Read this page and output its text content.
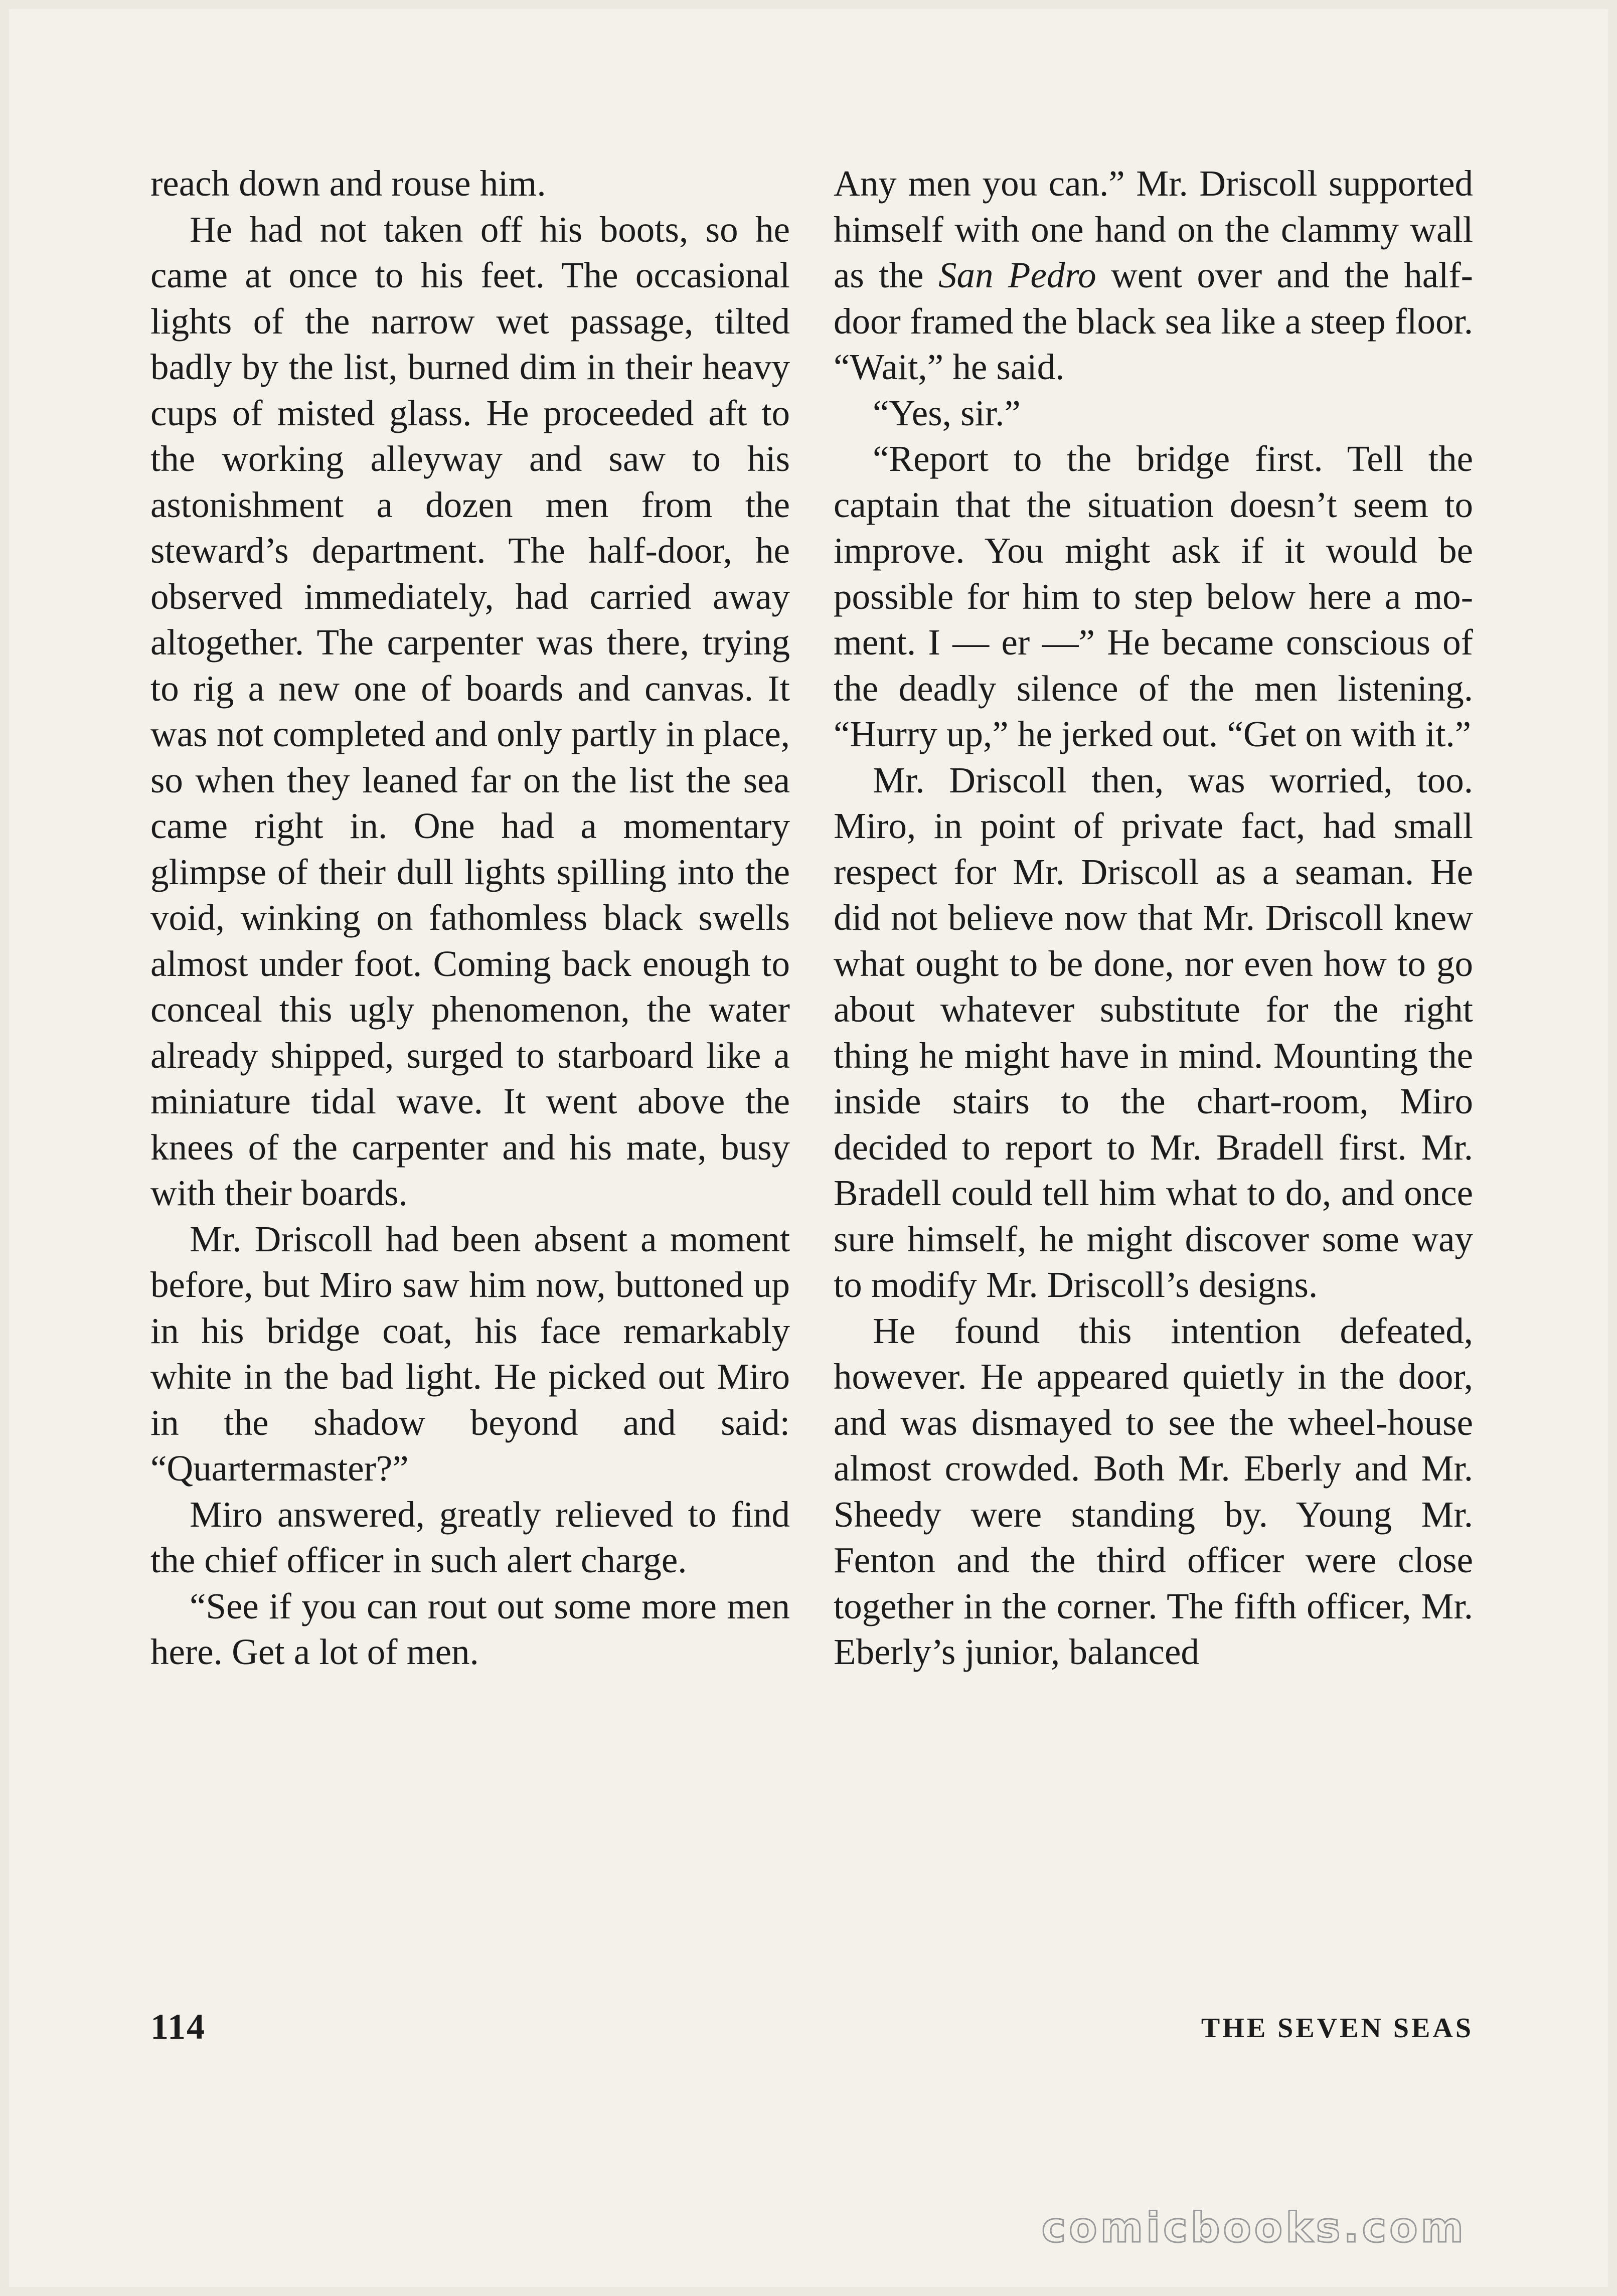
reach down and rouse him.

He had not taken off his boots, so he came at once to his feet. The occasional lights of the narrow wet passage, tilted badly by the list, burned dim in their heavy cups of misted glass. He proceeded aft to the working alleyway and saw to his astonishment a dozen men from the steward’s department. The half-door, he observed immediately, had carried away altogether. The carpenter was there, trying to rig a new one of boards and canvas. It was not completed and only partly in place, so when they leaned far on the list the sea came right in. One had a momentary glimpse of their dull lights spilling into the void, winking on fathomless black swells almost under foot. Coming back enough to conceal this ugly phenomenon, the water already shipped, surged to starboard like a miniature tidal wave. It went above the knees of the carpenter and his mate, busy with their boards.

Mr. Driscoll had been absent a moment before, but Miro saw him now, buttoned up in his bridge coat, his face remarkably white in the bad light. He picked out Miro in the shadow beyond and said: “Quartermaster?”

Miro answered, greatly relieved to find the chief officer in such alert charge.

“See if you can rout out some more men here. Get a lot of men.

Any men you can.” Mr. Driscoll supported himself with one hand on the clammy wall as the San Pedro went over and the half-door framed the black sea like a steep floor. “Wait,” he said.

“Yes, sir.”

“Report to the bridge first. Tell the captain that the situation doesn’t seem to improve. You might ask if it would be possible for him to step below here a moment. I — er —” He became conscious of the deadly silence of the men listening. “Hurry up,” he jerked out. “Get on with it.”

Mr. Driscoll then, was worried, too. Miro, in point of private fact, had small respect for Mr. Driscoll as a seaman. He did not believe now that Mr. Driscoll knew what ought to be done, nor even how to go about whatever substitute for the right thing he might have in mind. Mounting the inside stairs to the chart-room, Miro decided to report to Mr. Bradell first. Mr. Bradell could tell him what to do, and once sure himself, he might discover some way to modify Mr. Driscoll’s designs.

He found this intention defeated, however. He appeared quietly in the door, and was dismayed to see the wheel-house almost crowded. Both Mr. Eberly and Mr. Sheedy were standing by. Young Mr. Fenton and the third officer were close together in the corner. The fifth officer, Mr. Eberly’s junior, balanced

114	THE SEVEN SEAS
comicbooks.com
